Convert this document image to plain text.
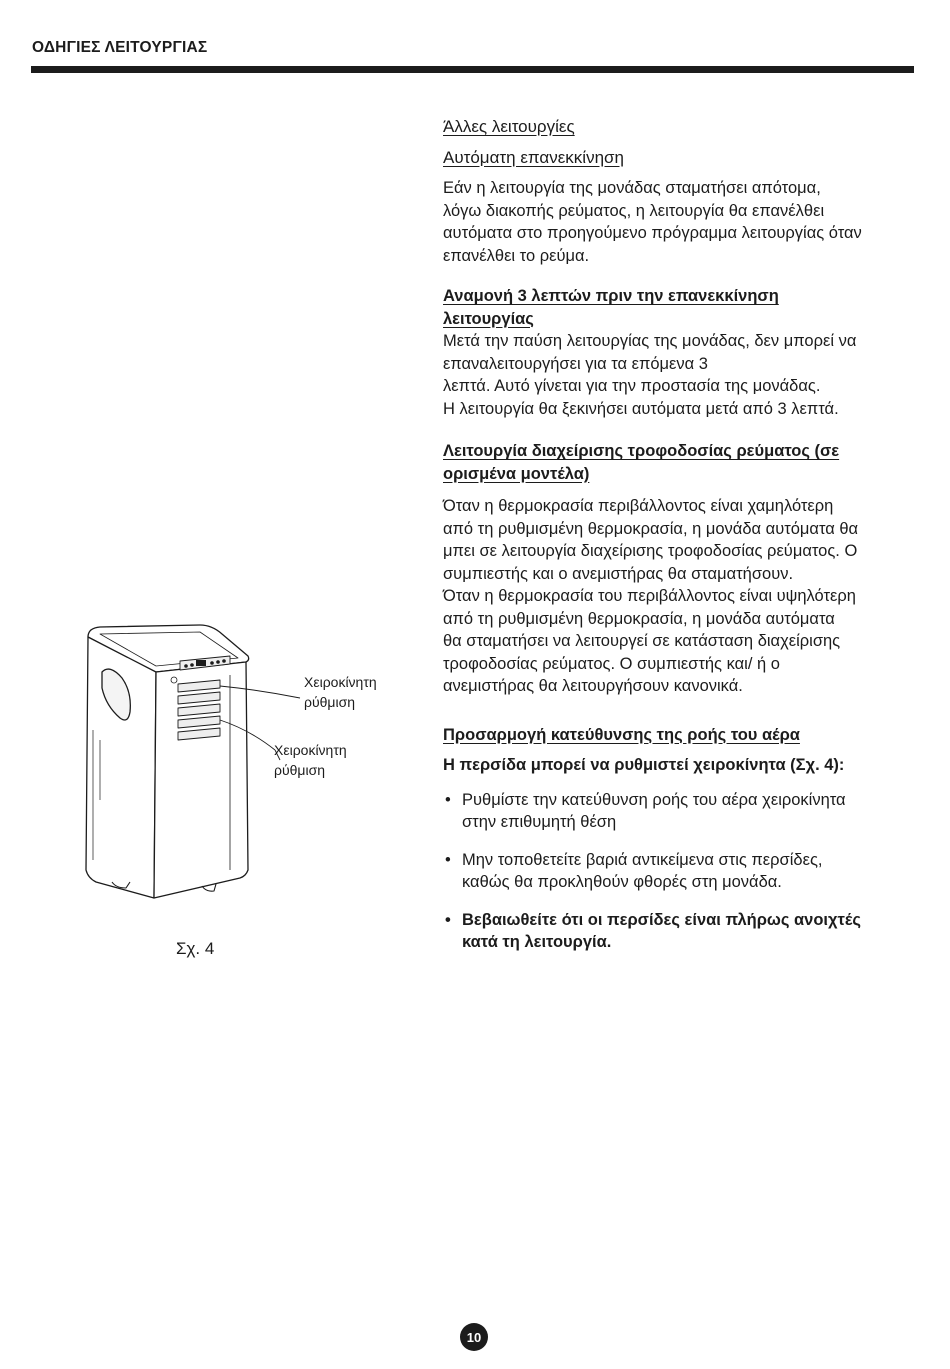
ΟΔΗΓΙΕΣ ΛΕΙΤΟΥΡΓΙΑΣ

Άλλες λειτουργίες

Αυτόματη επανεκκίνηση

Εάν η λειτουργία της μονάδας σταματήσει απότομα,

λόγω διακοπής ρεύματος, η λειτουργία θα επανέλθει

αυτόματα στο προηγούμενο πρόγραμμα λειτουργίας όταν

επανέλθει το ρεύμα.

Αναμονή 3 λεπτών πριν την επανεκκίνηση

λειτουργίας

Μετά την παύση λειτουργίας της μονάδας, δεν μπορεί να

επαναλειτουργήσει για τα επόμενα 3

λεπτά. Αυτό γίνεται για την προστασία της μονάδας.

Η λειτουργία θα ξεκινήσει αυτόματα μετά από 3 λεπτά.

Λειτουργία διαχείρισης τροφοδοσίας ρεύματος (σε

ορισμένα μοντέλα)

Όταν η θερμοκρασία περιβάλλοντος είναι χαμηλότερη

από τη ρυθμισμένη θερμοκρασία, η μονάδα αυτόματα θα

μπει σε λειτουργία διαχείρισης τροφοδοσίας ρεύματος. Ο

συμπιεστής και ο ανεμιστήρας θα σταματήσουν.

Όταν η θερμοκρασία του περιβάλλοντος είναι υψηλότερη

από τη ρυθμισμένη θερμοκρασία, η μονάδα αυτόματα

θα σταματήσει να λειτουργεί σε κατάσταση διαχείρισης

τροφοδοσίας ρεύματος. Ο συμπιεστής και/ ή ο

ανεμιστήρας θα λειτουργήσουν κανονικά.

Προσαρμογή κατεύθυνσης της ροής του αέρα

Η περσίδα μπορεί να ρυθμιστεί χειροκίνητα (Σχ. 4):

• Ρυθμίστε την κατεύθυνση ροής του αέρα χειροκίνητα

στην επιθυμητή θέση

• Μην τοποθετείτε βαριά αντικείμενα στις περσίδες,

καθώς θα προκληθούν φθορές στη μονάδα.

• Βεβαιωθείτε ότι οι περσίδες είναι πλήρως ανοιχτές

κατά τη λειτουργία.

Χειροκίνητη
ρύθμιση
Χειροκίνητη
ρύθμιση
Σχ. 4
10
